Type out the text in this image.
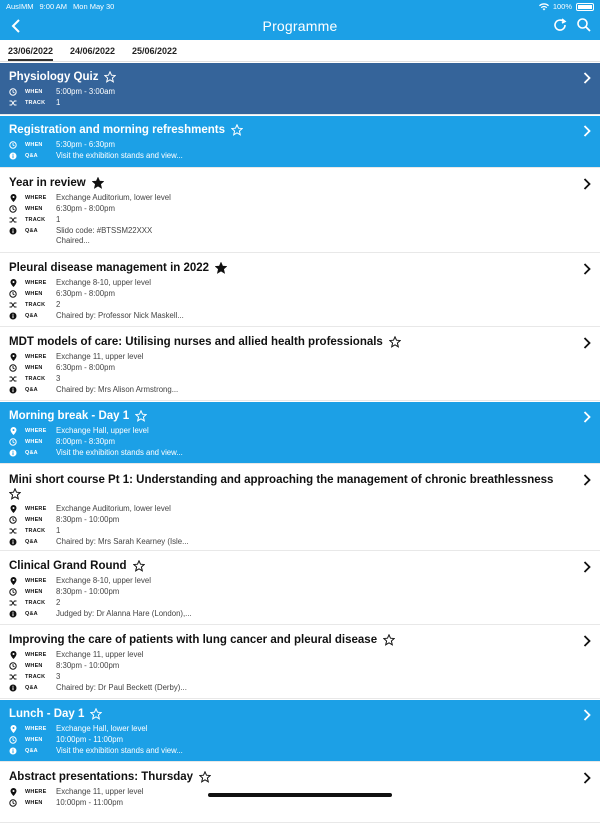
AusIMM 9:00 AM Mon May 30	100%
Programme
23/06/2022 24/06/2022 25/06/2022
Physiology Quiz
WHEN 5:00pm - 3:00am
TRACK 1
Registration and morning refreshments
WHEN 5:30pm - 6:30pm
Q&A Visit the exhibition stands and view...
Year in review
WHERE Exchange Auditorium, lower level
WHEN 6:30pm - 8:00pm
TRACK 1
Q&A Slido code: #BTSSM22XXX
Chaired...
Pleural disease management in 2022
WHERE Exchange 8-10, upper level
WHEN 6:30pm - 8:00pm
TRACK 2
Q&A Chaired by: Professor Nick Maskell...
MDT models of care: Utilising nurses and allied health professionals
WHERE Exchange 11, upper level
WHEN 6:30pm - 8:00pm
TRACK 3
Q&A Chaired by: Mrs Alison Armstrong...
Morning break - Day 1
WHERE Exchange Hall, upper level
WHEN 8:00pm - 8:30pm
Q&A Visit the exhibition stands and view...
Mini short course Pt 1: Understanding and approaching the management of chronic breathlessness

WHERE Exchange Auditorium, lower level
WHEN 8:30pm - 10:00pm
TRACK 1
Q&A Chaired by: Mrs Sarah Kearney (Isle...
Clinical Grand Round
WHERE Exchange 8-10, upper level
WHEN 8:30pm - 10:00pm
TRACK 2
Q&A Judged by: Dr Alanna Hare (London),...
Improving the care of patients with lung cancer and pleural disease
WHERE Exchange 11, upper level
WHEN 8:30pm - 10:00pm
TRACK 3
Q&A Chaired by: Dr Paul Beckett (Derby)...
Lunch - Day 1
WHERE Exchange Hall, lower level
WHEN 10:00pm - 11:00pm
Q&A Visit the exhibition stands and view...
Abstract presentations: Thursday
WHERE Exchange 11, upper level
WHEN 10:00pm - 11:00pm
